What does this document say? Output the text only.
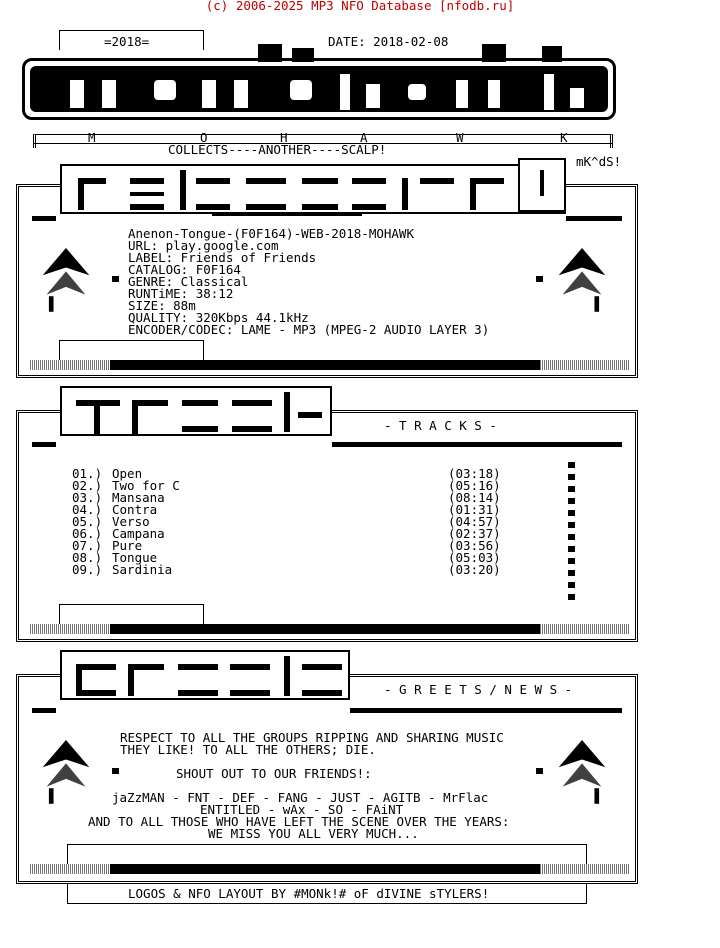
(c) 2006-2025 MP3 NFO Database [nfodb.ru]
=2018=	DATE: 2018-02-08
M	O	H	A	W	K
COLLECTS----ANOTHER----SCALP!
mK^dS!
Anenon-Tongue-(F0F164)-WEB-2018-MOHAWK
URL: play.google.com
LABEL: Friends of Friends
CATALOG: F0F164
GENRE: Classical
RUNTiME: 38:12
SIZE: 88m
QUALITY: 320Kbps 44.1kHz
ENCODER/CODEC: LAME - MP3 (MPEG-2 AUDIO LAYER 3)
- T R A C K S -
01.) Open	(03:18)
02.) Two for C	(05:16)
03.) Mansana	(08:14)
04.) Contra	(01:31)
05.) Verso	(04:57)
06.) Campana	(02:37)
07.) Pure	(03:56)
08.) Tongue	(05:03)
09.) Sardinia	(03:20)
- G R E E T S / N E W S -
RESPECT TO ALL THE GROUPS RIPPING AND SHARING MUSIC
THEY LIKE! TO ALL THE OTHERS; DIE.
SHOUT OUT TO OUR FRIENDS!:
jaZzMAN - FNT - DEF - FANG - JUST - AGITB - MrFlac
ENTITLED - wAx - SO - FAiNT
AND TO ALL THOSE WHO HAVE LEFT THE SCENE OVER THE YEARS:
WE MISS YOU ALL VERY MUCH...
LOGOS & NFO LAYOUT BY #MONk!# oF dIVINE sTYLERS!
